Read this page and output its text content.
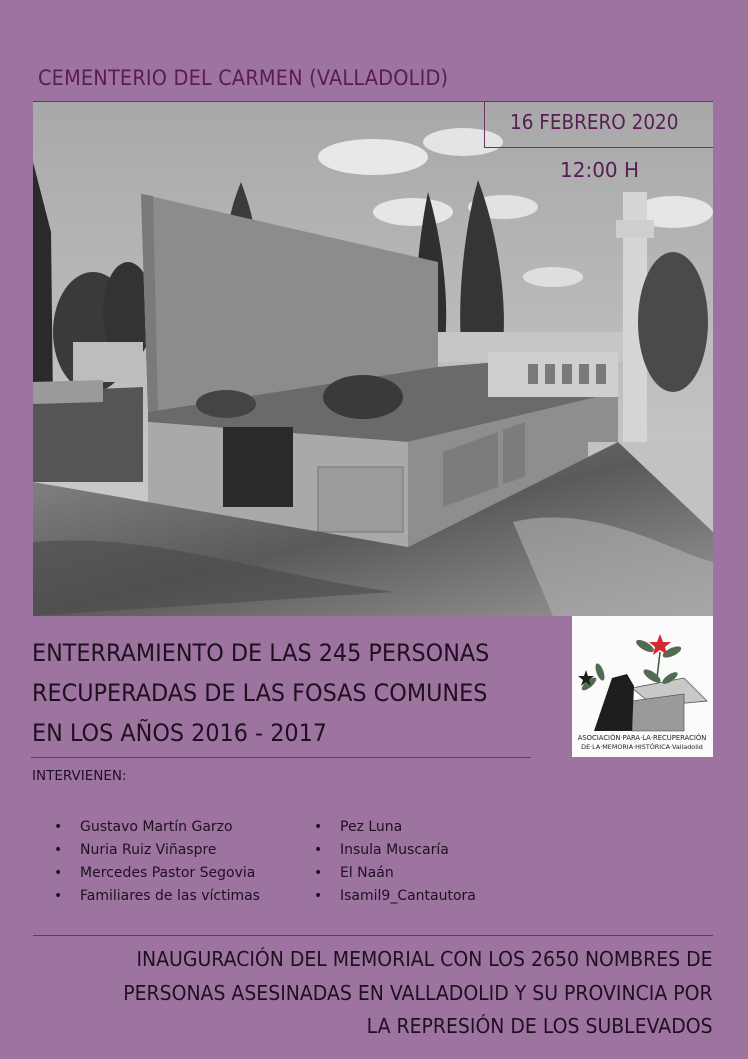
CEMENTERIO DEL CARMEN (VALLADOLID)
16 FEBRERO 2020
12:00 H
ASOCIACIÓN·PARA·LA·RECUPERACIÓN
DE·LA·MEMORIA·HISTÓRICA·Valladolid
ENTERRAMIENTO DE LAS 245 PERSONAS
RECUPERADAS DE LAS FOSAS COMUNES
EN LOS AÑOS 2016 - 2017
INTERVIENEN:
• Gustavo Martín Garzo
• Nuria Ruiz Viñaspre
• Mercedes Pastor Segovia
• Familiares de las víctimas
• Pez Luna
• Insula Muscaría
• El Naán
• Isamil9_Cantautora
INAUGURACIÓN DEL MEMORIAL CON LOS 2650 NOMBRES DE
PERSONAS ASESINADAS EN VALLADOLID Y SU PROVINCIA POR
LA REPRESIÓN DE LOS SUBLEVADOS
